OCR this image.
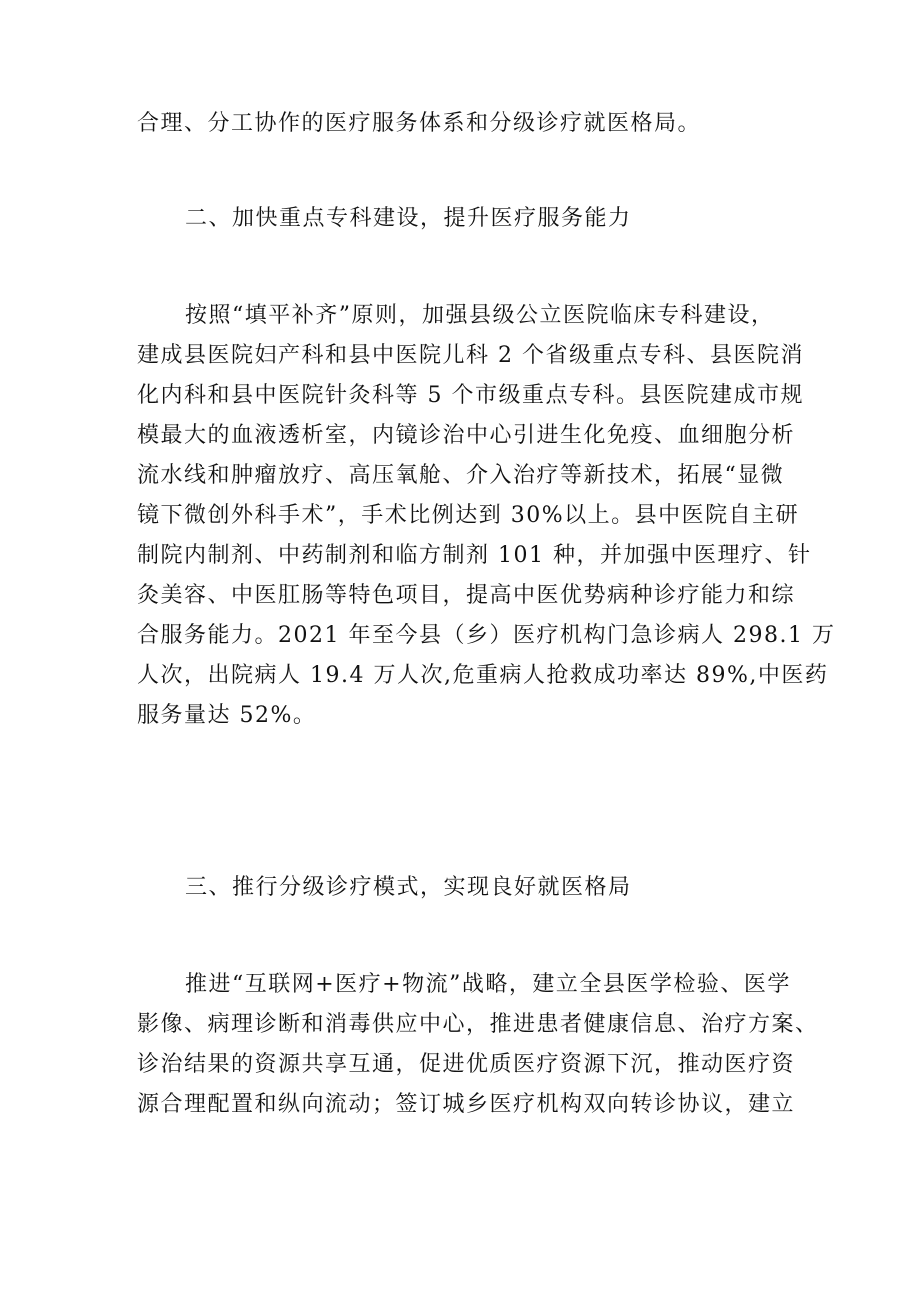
合理、分工协作的医疗服务体系和分级诊疗就医格局。
二、加快重点专科建设，提升医疗服务能力
按照“填平补齐”原则，加强县级公立医院临床专科建设，
建成县医院妇产科和县中医院儿科 2 个省级重点专科、县医院消
化内科和县中医院针灸科等 5 个市级重点专科。县医院建成市规
模最大的血液透析室，内镜诊治中心引进生化免疫、血细胞分析
流水线和肿瘤放疗、高压氧舱、介入治疗等新技术，拓展“显微
镜下微创外科手术”，手术比例达到 30%以上。县中医院自主研
制院内制剂、中药制剂和临方制剂 101 种，并加强中医理疗、针
灸美容、中医肛肠等特色项目，提高中医优势病种诊疗能力和综
合服务能力。2021 年至今县（乡）医疗机构门急诊病人 298.1 万
人次，出院病人 19.4 万人次,危重病人抢救成功率达 89%,中医药
服务量达 52%。
三、推行分级诊疗模式，实现良好就医格局
推进“互联网+医疗+物流”战略，建立全县医学检验、医学
影像、病理诊断和消毒供应中心，推进患者健康信息、治疗方案、
诊治结果的资源共享互通，促进优质医疗资源下沉，推动医疗资
源合理配置和纵向流动；签订城乡医疗机构双向转诊协议，建立
